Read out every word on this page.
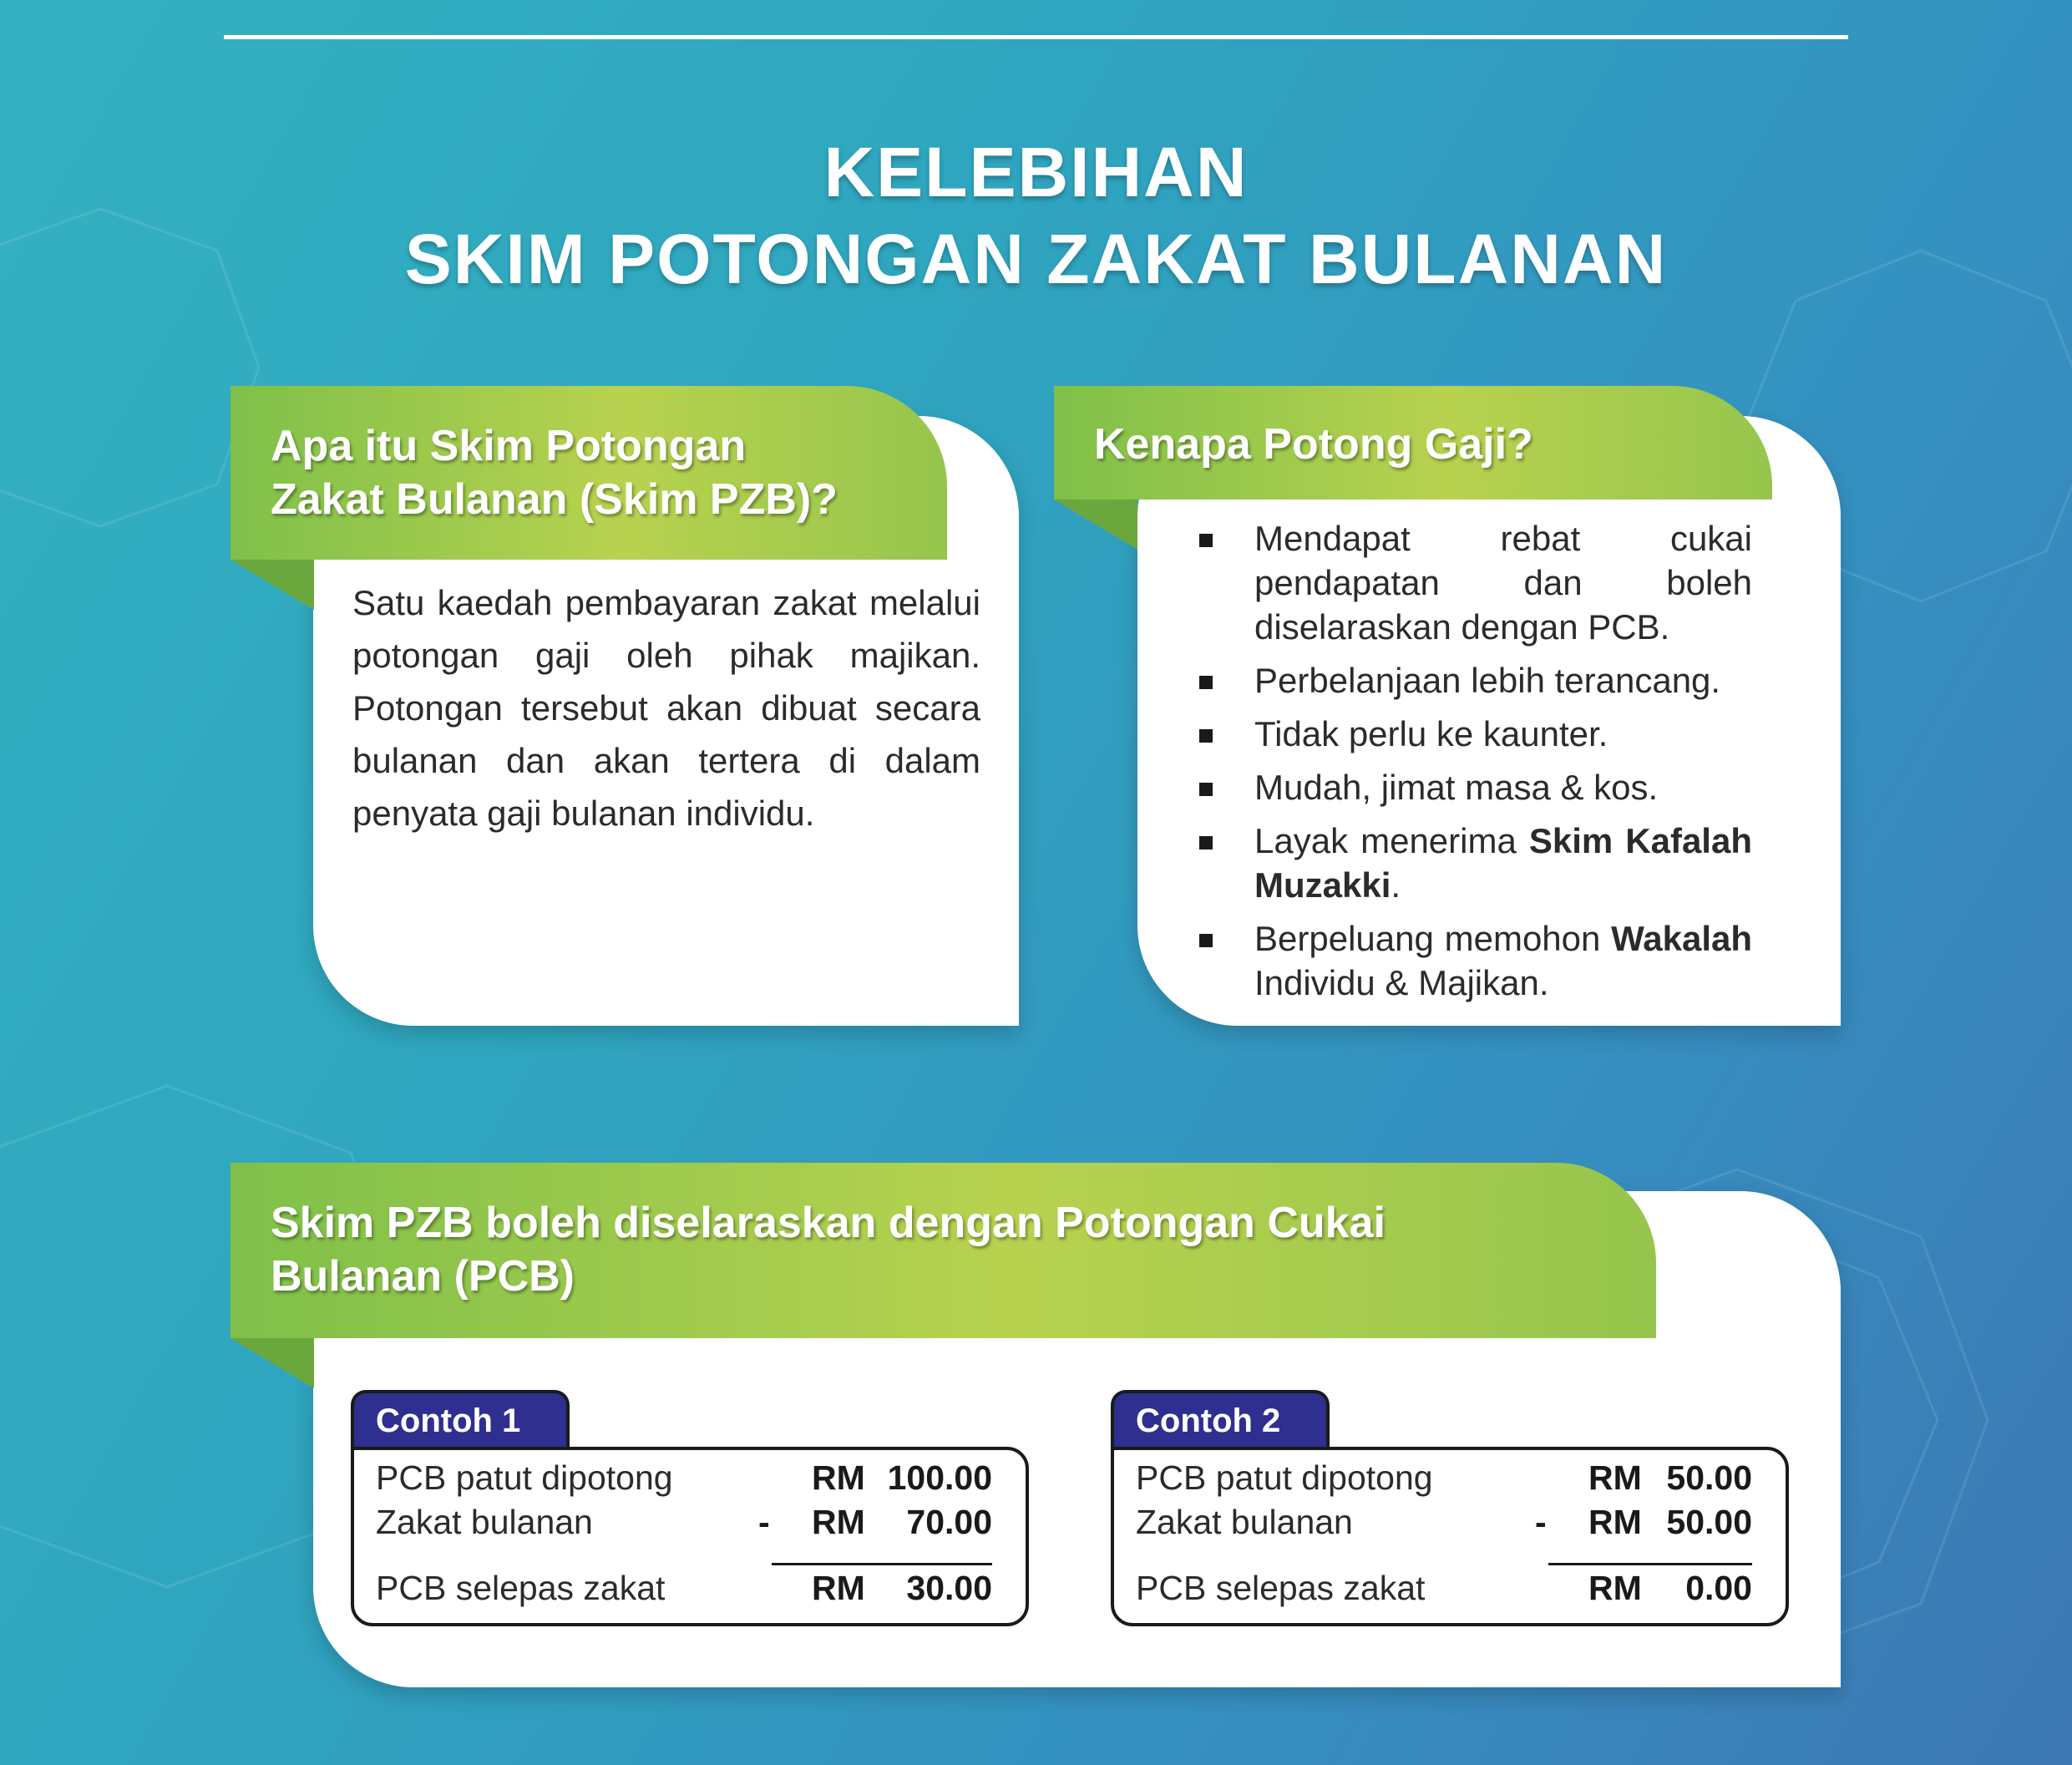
KELEBIHAN
SKIM POTONGAN ZAKAT BULANAN
Apa itu Skim Potongan
Zakat Bulanan (Skim PZB)?
Satu kaedah pembayaran zakat melalui potongan gaji oleh pihak majikan. Potongan tersebut akan dibuat secara bulanan dan akan tertera di dalam penyata gaji bulanan individu.
Kenapa Potong Gaji?
Mendapat rebat cukai pendapatan dan boleh diselaraskan dengan PCB.
Perbelanjaan lebih terancang.
Tidak perlu ke kaunter.
Mudah, jimat masa & kos.
Layak menerima Skim Kafalah Muzakki.
Berpeluang memohon Wakalah Individu & Majikan.
Skim PZB boleh diselaraskan dengan Potongan Cukai
Bulanan (PCB)
Contoh 1
PCB patut dipotong	RM 100.00
Zakat bulanan	- RM 70.00
PCB selepas zakat	RM 30.00
Contoh 2
PCB patut dipotong	RM 50.00
Zakat bulanan	- RM 50.00
PCB selepas zakat	RM 0.00
